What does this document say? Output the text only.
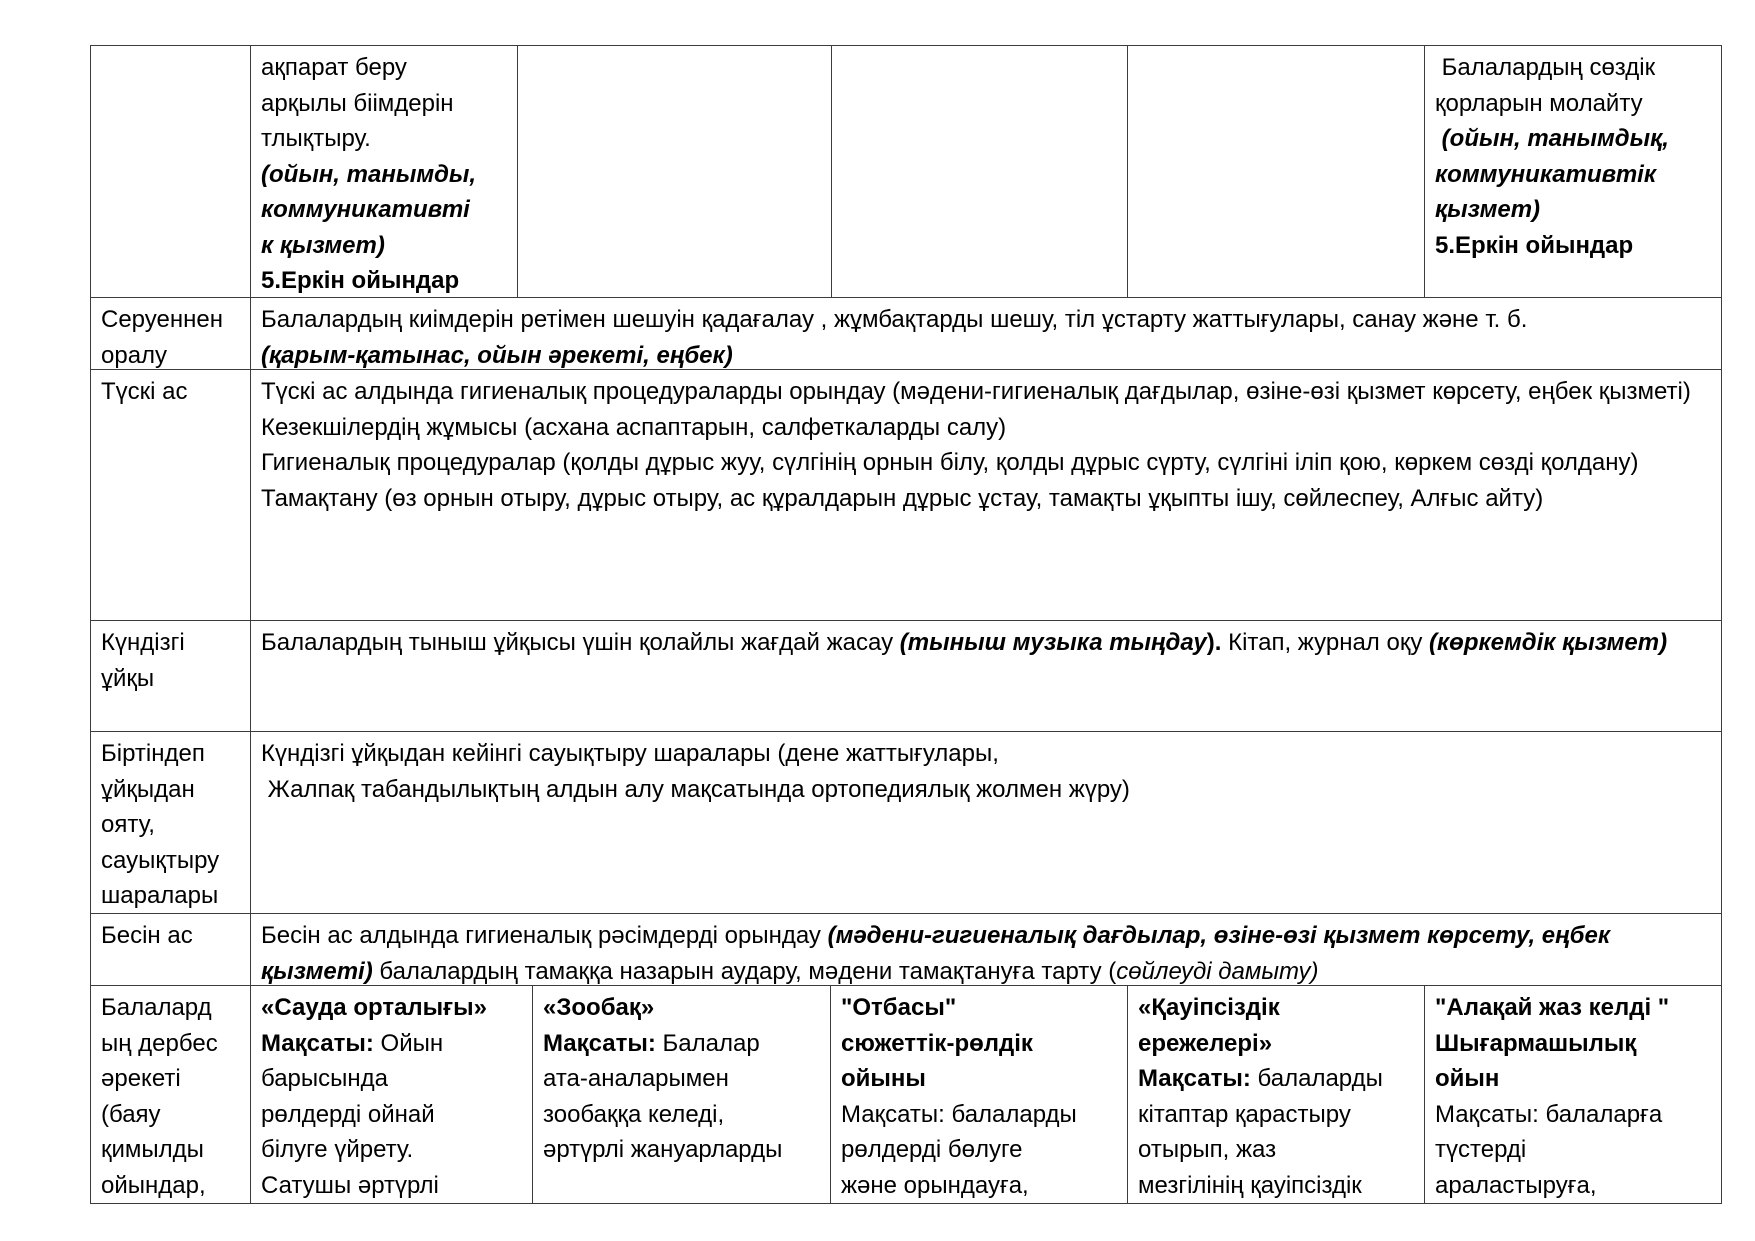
ақпарат беру
арқылы біімдерін
тлықтыру.
(ойын, танымды,
коммуникативті
к қызмет)
5.Еркін ойындар
Балалардың сөздік
қорларын молайту
(ойын, танымдық,
коммуникативтік
қызмет)
5.Еркін ойындар
Серуеннен
оралу
Балалардың киімдерін ретімен шешуін қадағалау , жұмбақтарды шешу, тіл ұстарту жаттығулары, санау және т. б.
(қарым-қатынас, ойын әрекеті, еңбек)
Түскі ас	Түскі ас алдында гигиеналық процедураларды орындау (мәдени-гигиеналық дағдылар, өзіне-өзі қызмет көрсету, еңбек қызметі)
Кезекшілердің жұмысы (асхана аспаптарын, салфеткаларды салу)
Гигиеналық процедуралар (қолды дұрыс жуу, сүлгінің орнын білу, қолды дұрыс сүрту, сүлгіні іліп қою, көркем сөзді қолдану)
Тамақтану (өз орнын отыру, дұрыс отыру, ас құралдарын дұрыс ұстау, тамақты ұқыпты ішу, сөйлеспеу, Алғыс айту)
Күндізгі
ұйқы
Балалардың тыныш ұйқысы үшін қолайлы жағдай жасау (тыныш музыка тыңдау). Кітап, журнал оқу (көркемдік қызмет)
Біртіндеп
ұйқыдан
ояту,
сауықтыру
шаралары
Күндізгі ұйқыдан кейінгі сауықтыру шаралары (дене жаттығулары,
Жалпақ табандылықтың алдын алу мақсатында ортопедиялық жолмен жүру)
Бесін ас	Бесін ас алдында гигиеналық рәсімдерді орындау (мәдени-гигиеналық дағдылар, өзіне-өзі қызмет көрсету, еңбек қызметі) балалардың тамаққа назарын аудару, мәдени тамақтануға тарту (сөйлеуді дамыту)
Балалард
ың дербес
әрекеті
(баяу
қимылды
ойындар,
«Сауда орталығы»
Мақсаты: Ойын
барысында
рөлдерді ойнай
білуге үйрету.
Сатушы әртүрлі
«Зообақ»
Мақсаты: Балалар
ата-аналарымен
зообаққа келеді,
әртүрлі жануарларды
"Отбасы"
сюжеттік-рөлдік
ойыны
Мақсаты: балаларды
рөлдерді бөлуге
және орындауға,
«Қауіпсіздік
ережелері»
Мақсаты: балаларды
кітаптар қарастыру
отырып, жаз
мезгілінің қауіпсіздік
"Алақай жаз келді "
Шығармашылық
ойын
Мақсаты: балаларға
түстерді
араластыруға,
